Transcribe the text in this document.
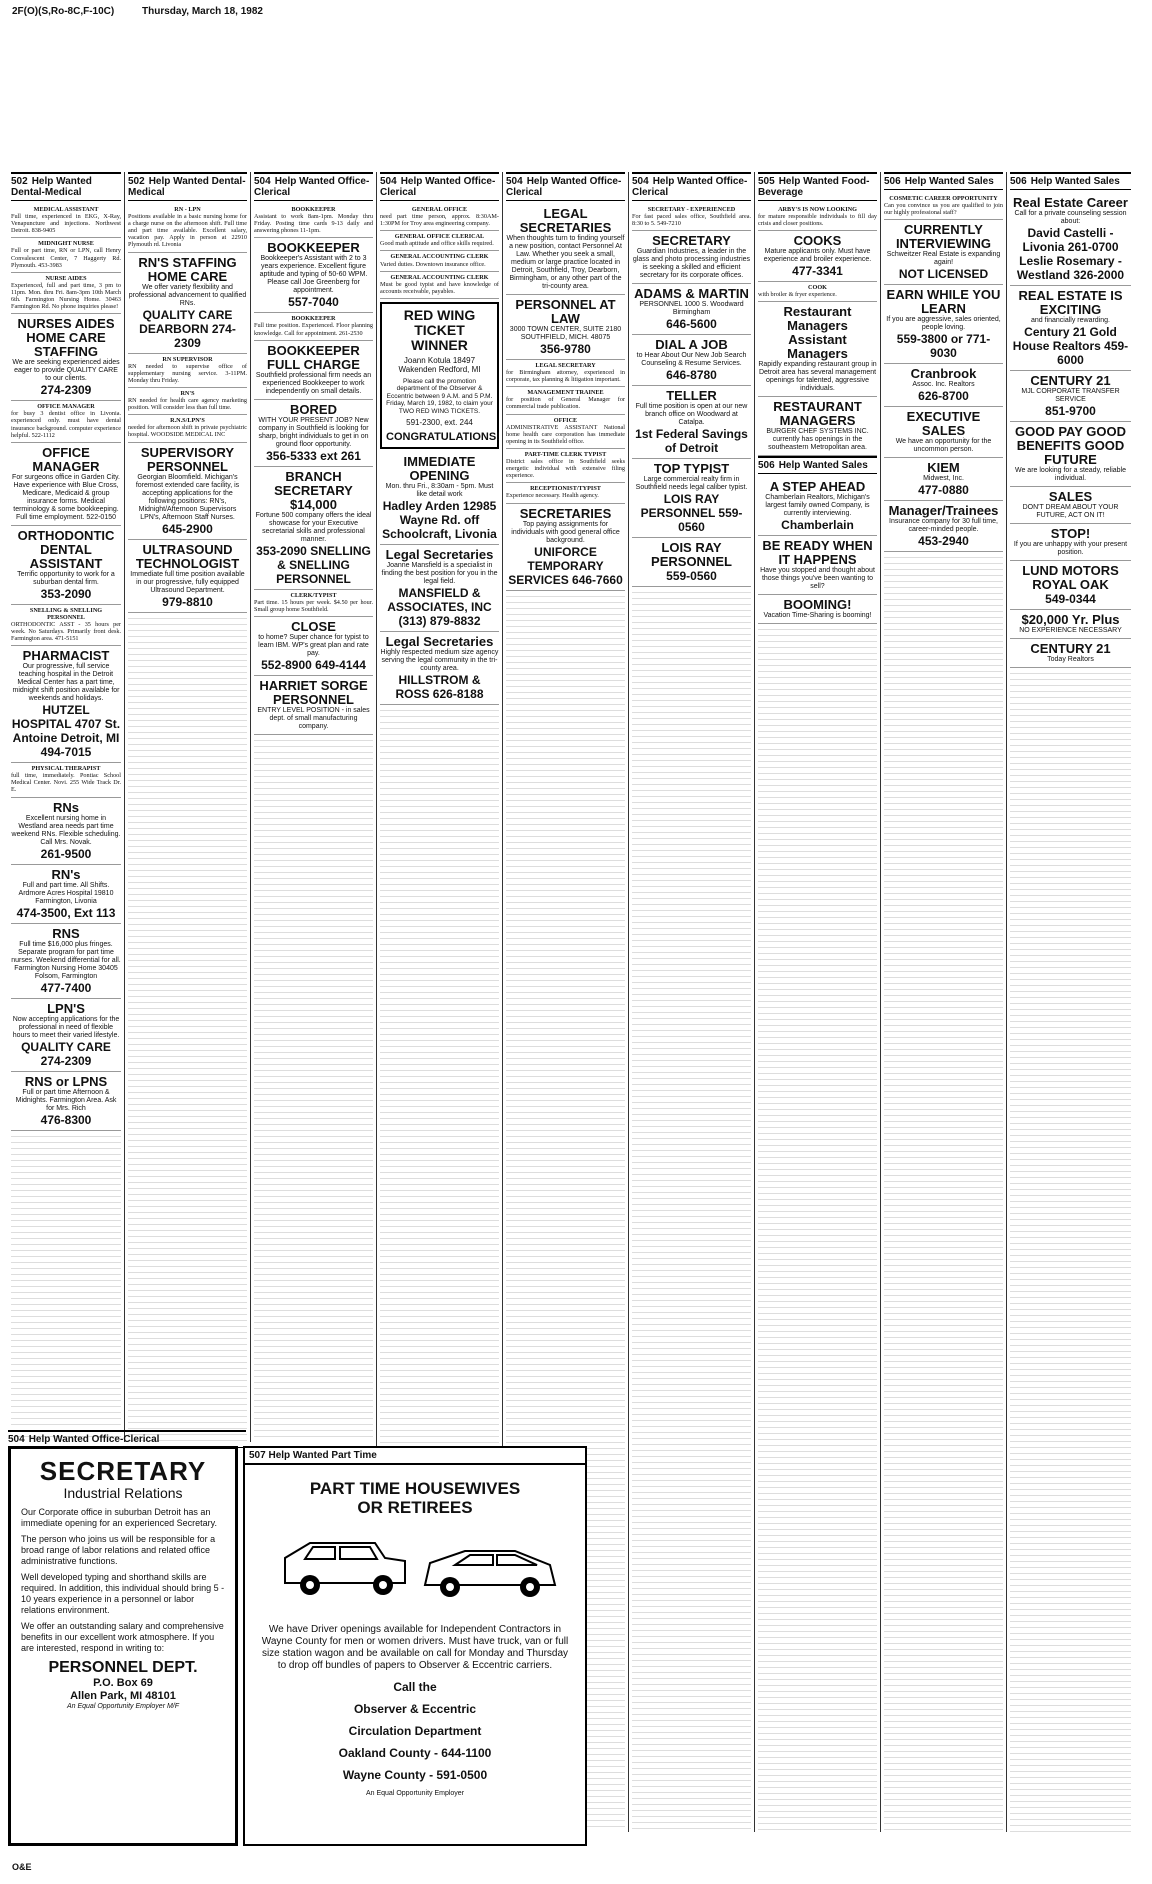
2F(O)(S,Ro-8C,F-10C)	Thursday, March 18, 1982
502 Help Wanted Dental-Medical
MEDICAL ASSISTANT
Full time, experienced in EKG, X-Ray, Venapuncture and injections. Northwest Detroit. 838-9405
MIDNIGHT NURSE
Full or part time, RN or LPN, call Henry Convalescent Center, 7 Haggerty Rd. Plymouth. 453-3983
NURSE AIDES
Experienced, full and part time, 3 pm to 11pm. Mon. thru Fri. 8am-3pm 10th March 6th. Farmington Nursing Home. 30463 Farmington Rd. No phone inquiries please!
NURSES AIDES HOME CARE STAFFING
We are seeking experienced aides eager to provide QUALITY CARE to our clients.
274-2309
OFFICE MANAGER
for busy 3 dentist office in Livonia. experienced only. must have dental insurance background. computer experience helpful. 522-1112
OFFICE MANAGER
For surgeons office in Garden City. Have experience with Blue Cross, Medicare, Medicaid & group insurance forms. Medical terminology & some bookkeeping. Full time employment. 522-0150
ORTHODONTIC DENTAL ASSISTANT
Terrific opportunity to work for a suburban dental firm.
353-2090
SNELLING & SNELLING PERSONNEL
ORTHODONTIC ASST - 35 hours per week. No Saturdays. Primarily front desk. Farmington area. 471-5151
PHARMACIST
Our progressive, full service teaching hospital in the Detroit Medical Center has a part time, midnight shift position available for weekends and holidays.
HUTZEL HOSPITAL 4707 St. Antoine Detroit, MI 494-7015
PHYSICAL THERAPIST
full time, immediately. Pontiac School Medical Center. Novi. 255 Wide Track Dr. E.
RNs
Excellent nursing home in Westland area needs part time weekend RNs. Flexible scheduling. Call Mrs. Novak.
261-9500
RN's
Full and part time. All Shifts. Ardmore Acres Hospital 19810 Farmington, Livonia
474-3500, Ext 113
RNS
Full time $16,000 plus fringes. Separate program for part time nurses. Weekend differential for all. Farmington Nursing Home 30405 Folsom, Farmington
477-7400
LPN'S
Now accepting applications for the professional in need of flexible hours to meet their varied lifestyle.
QUALITY CARE 274-2309
RNS or LPNS
Full or part time Afternoon & Midnights. Farmington Area. Ask for Mrs. Rich
476-8300
502 Help Wanted Dental-Medical
RN - LPN
Positions available in a basic nursing home for a charge nurse on the afternoon shift. Full time and part time available. Excellent salary, vacation pay. Apply in person at 22910 Plymouth rd. Livonia
RN'S STAFFING HOME CARE
We offer variety flexibility and professional advancement to qualified RNs.
QUALITY CARE DEARBORN 274-2309
RN SUPERVISOR
RN needed to supervise office of supplementary nursing service. 3-11PM. Monday thru Friday.
RN'S
RN needed for health care agency marketing position. Will consider less than full time.
R.N.S/LPN'S
needed for afternoon shift in private psychiatric hospital. WOODSIDE MEDICAL INC
SUPERVISORY PERSONNEL
Georgian Bloomfield. Michigan's foremost extended care facility, is accepting applications for the following positions: RN's, Midnight/Afternoon Supervisors LPN's, Afternoon Staff Nurses.
645-2900
ULTRASOUND TECHNOLOGIST
Immediate full time position available in our progressive, fully equipped Ultrasound Department.
979-8810
504 Help Wanted Office-Clerical
BOOKKEEPER
Assistant to work 8am-1pm. Monday thru Friday. Posting time cards 9-13 daily and answering phones 11-1pm.
BOOKKEEPER
Bookkeeper's Assistant with 2 to 3 years experience. Excellent figure aptitude and typing of 50-60 WPM. Please call Joe Greenberg for appointment.
557-7040
BOOKKEEPER
Full time position. Experienced. Floor planning knowledge. Call for appointment. 261-2530
BOOKKEEPER FULL CHARGE
Southfield professional firm needs an experienced Bookkeeper to work independently on small details.
BORED
WITH YOUR PRESENT JOB? New company in Southfield is looking for sharp, bright individuals to get in on ground floor opportunity.
356-5333 ext 261
BRANCH SECRETARY $14,000
Fortune 500 company offers the ideal showcase for your Executive secretarial skills and professional manner.
353-2090 SNELLING & SNELLING PERSONNEL
CLERK/TYPIST
Part time. 15 hours per week. $4.50 per hour. Small group home Southfield.
CLOSE
to home? Super chance for typist to learn IBM. WP's great plan and rate pay.
552-8900 649-4144
HARRIET SORGE PERSONNEL
ENTRY LEVEL POSITION - in sales dept. of small manufacturing company.
504 Help Wanted Office-Clerical
GENERAL OFFICE
need part time person, approx. 8:30AM-1:30PM for Troy area engineering company.
GENERAL OFFICE CLERICAL
Good math aptitude and office skills required.
GENERAL ACCOUNTING CLERK
Varied duties. Downtown insurance office.
GENERAL ACCOUNTING CLERK
Must be good typist and have knowledge of accounts receivable, payables.
RED WING TICKET WINNER
Joann Kotula 18497 Wakenden Redford, MI
Please call the promotion department of the Observer & Eccentric between 9 A.M. and 5 P.M. Friday, March 19, 1982, to claim your TWO RED WING TICKETS.
591-2300, ext. 244
CONGRATULATIONS!
IMMEDIATE OPENING
Mon. thru Fri., 8:30am - 5pm. Must like detail work
Hadley Arden 12985 Wayne Rd. off Schoolcraft, Livonia
Legal Secretaries
Joanne Mansfield is a specialist in finding the best position for you in the legal field.
MANSFIELD & ASSOCIATES, INC (313) 879-8832
Legal Secretaries
Highly respected medium size agency serving the legal community in the tri-county area.
HILLSTROM & ROSS 626-8188
504 Help Wanted Office-Clerical
LEGAL SECRETARIES
When thoughts turn to finding yourself a new position, contact Personnel At Law. Whether you seek a small, medium or large practice located in Detroit, Southfield, Troy, Dearborn, Birmingham, or any other part of the tri-county area.
PERSONNEL AT LAW
3000 TOWN CENTER, SUITE 2180 SOUTHFIELD, MICH. 48075
356-9780
LEGAL SECRETARY
for Birmingham attorney, experienced in corporate, tax planning & litigation important.
MANAGEMENT TRAINEE
for position of General Manager for commercial trade publication.
OFFICE
ADMINISTRATIVE ASSISTANT National home health care corporation has immediate opening in its Southfield office.
PART-TIME CLERK TYPIST
District sales office in Southfield seeks energetic individual with extensive filing experience.
RECEPTIONIST/TYPIST
Experience necessary. Health agency.
SECRETARIES
Top paying assignments for individuals with good general office background.
UNIFORCE TEMPORARY SERVICES 646-7660
504 Help Wanted Office-Clerical
SECRETARY - EXPERIENCED
For fast paced sales office, Southfield area. 8:30 to 5. 549-7210
SECRETARY
Guardian Industries, a leader in the glass and photo processing industries is seeking a skilled and efficient secretary for its corporate offices.
ADAMS & MARTIN
PERSONNEL 1000 S. Woodward Birmingham
646-5600
DIAL A JOB
to Hear About Our New Job Search Counseling & Resume Services.
646-8780
TELLER
Full time position is open at our new branch office on Woodward at Catalpa.
1st Federal Savings of Detroit
TOP TYPIST
Large commercial realty firm in Southfield needs legal caliber typist.
LOIS RAY PERSONNEL 559-0560
LOIS RAY PERSONNEL
559-0560
505 Help Wanted Food-Beverage
ARBY'S IS NOW LOOKING
for mature responsible individuals to fill day crisis and closer positions.
COOKS
Mature applicants only. Must have experience and broiler experience.
477-3341
COOK
with broiler & fryer experience.
Restaurant Managers Assistant Managers
Rapidly expanding restaurant group in Detroit area has several management openings for talented, aggressive individuals.
RESTAURANT MANAGERS
BURGER CHEF SYSTEMS INC. currently has openings in the southeastern Metropolitan area.
506 Help Wanted Sales
A STEP AHEAD
Chamberlain Realtors, Michigan's largest family owned Company, is currently interviewing.
Chamberlain
BE READY WHEN IT HAPPENS
Have you stopped and thought about those things you've been wanting to sell?
BOOMING!
Vacation Time-Sharing is booming!
506 Help Wanted Sales
COSMETIC CAREER OPPORTUNITY
Can you convince us you are qualified to join our highly professional staff?
CURRENTLY INTERVIEWING
Schweitzer Real Estate is expanding again!
NOT LICENSED
EARN WHILE YOU LEARN
If you are aggressive, sales oriented, people loving.
559-3800 or 771-9030
Cranbrook
Assoc. Inc. Realtors
626-8700
EXECUTIVE SALES
We have an opportunity for the uncommon person.
KIEM
Midwest, Inc.
477-0880
Manager/Trainees
Insurance company for 30 full time, career-minded people.
453-2940
506 Help Wanted Sales
Real Estate Career
Call for a private counseling session about:
David Castelli - Livonia 261-0700 Leslie Rosemary - Westland 326-2000
REAL ESTATE IS EXCITING
and financially rewarding.
Century 21 Gold House Realtors 459-6000
CENTURY 21
MJL CORPORATE TRANSFER SERVICE
851-9700
GOOD PAY GOOD BENEFITS GOOD FUTURE
We are looking for a steady, reliable individual.
SALES
DON'T DREAM ABOUT YOUR FUTURE, ACT ON IT!
STOP!
If you are unhappy with your present position.
LUND MOTORS ROYAL OAK
549-0344
$20,000 Yr. Plus
NO EXPERIENCE NECESSARY
CENTURY 21
Today Realtors
504 Help Wanted Office-Clerical
SECRETARY
Industrial Relations

Our Corporate office in suburban Detroit has an immediate opening for an experienced Secretary.

The person who joins us will be responsible for a broad range of labor relations and related office administrative functions.

Well developed typing and shorthand skills are required. In addition, this individual should bring 5 - 10 years experience in a personnel or labor relations environment.

We offer an outstanding salary and comprehensive benefits in our excellent work atmosphere. If you are interested, respond in writing to:

PERSONNEL DEPT.
P.O. Box 69
Allen Park, MI 48101
An Equal Opportunity Employer M/F
507 Help Wanted Part Time
PART TIME HOUSEWIVES
OR RETIREES
We have Driver openings available for Independent Contractors in Wayne County for men or women drivers. Must have truck, van or full size station wagon and be available on call for Monday and Thursday to drop off bundles of papers to Observer & Eccentric carriers.
Call the
Observer & Eccentric
Circulation Department
Oakland County - 644-1100
Wayne County - 591-0500
An Equal Opportunity Employer
O&E
